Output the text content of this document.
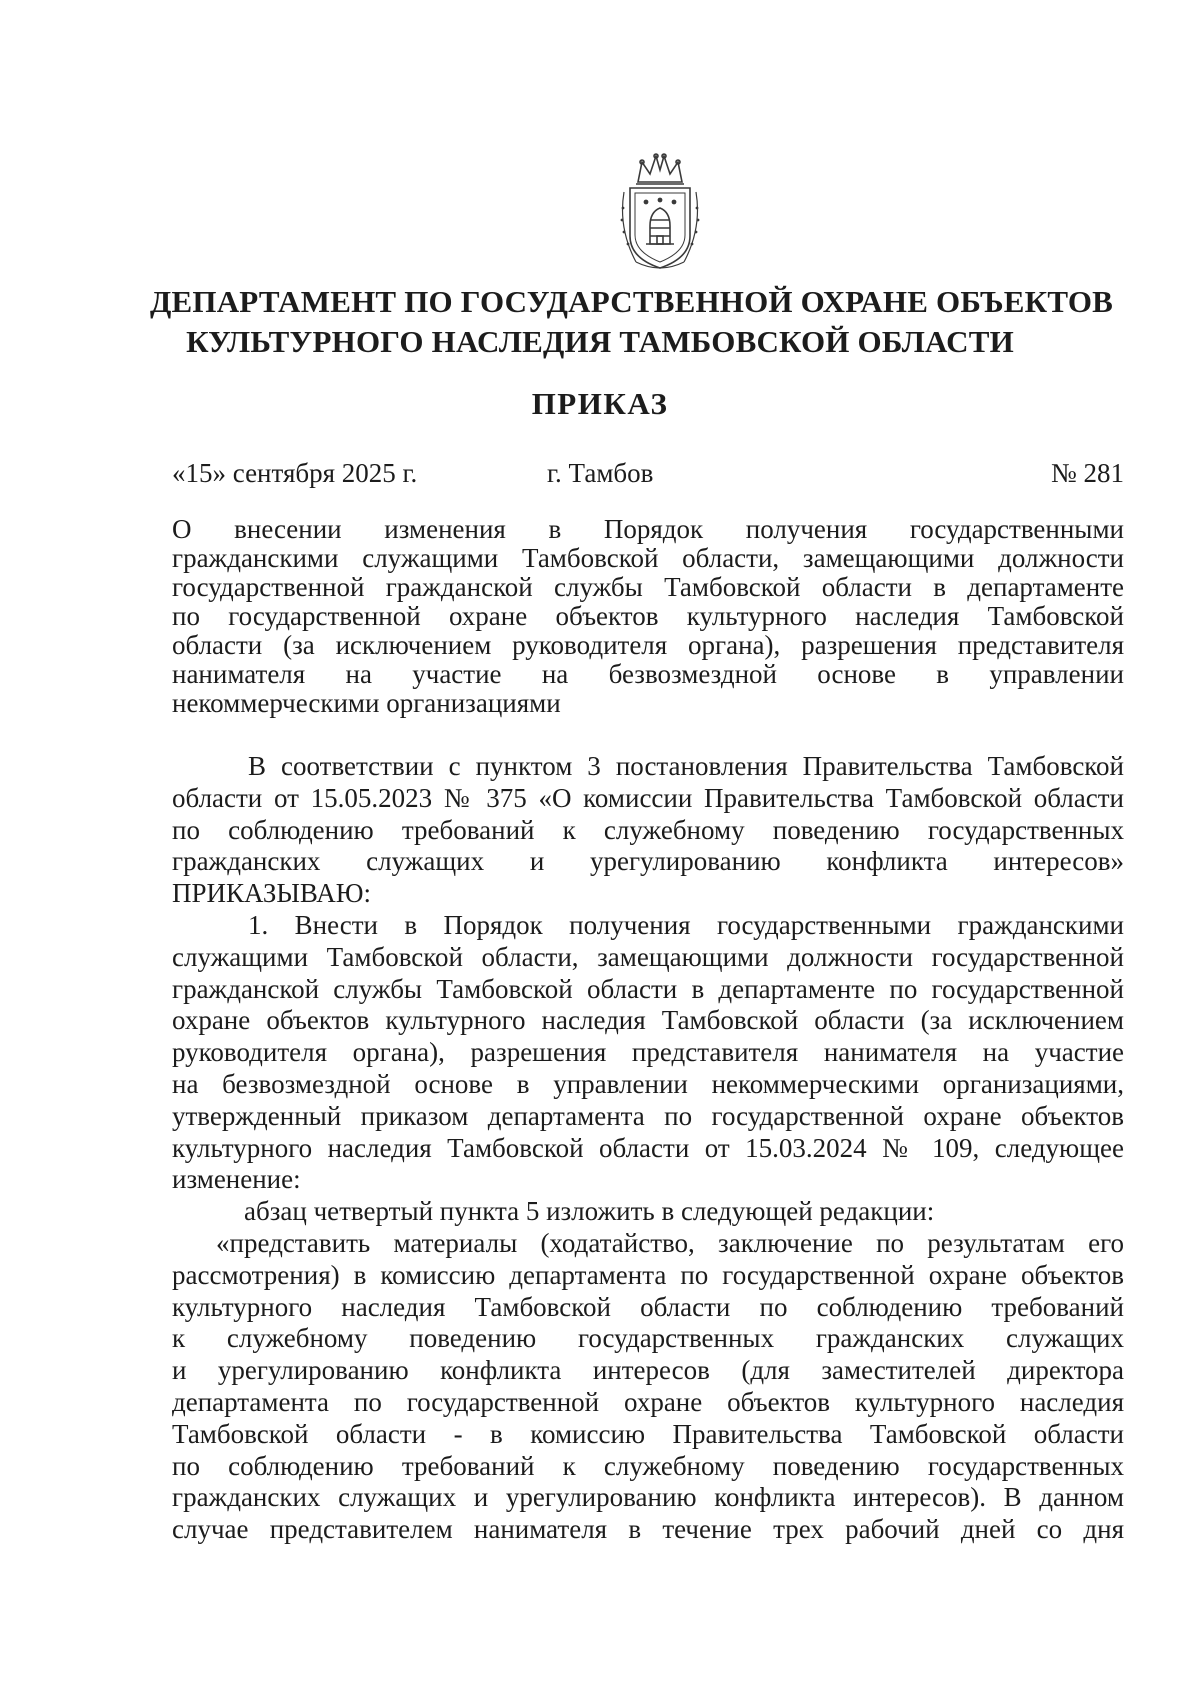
ДЕПАРТАМЕНТ ПО ГОСУДАРСТВЕННОЙ ОХРАНЕ ОБЪЕКТОВ
КУЛЬТУРНОГО НАСЛЕДИЯ ТАМБОВСКОЙ ОБЛАСТИ
ПРИКАЗ
«15» сентября 2025 г.	г. Тамбов	№ 281
О внесении изменения в Порядок получения государственными
гражданскими служащими Тамбовской области, замещающими должности
государственной гражданской службы Тамбовской области в департаменте
по государственной охране объектов культурного наследия Тамбовской
области (за исключением руководителя органа), разрешения представителя
нанимателя на участие на безвозмездной основе в управлении
некоммерческими организациями
В соответствии с пунктом 3 постановления Правительства Тамбовской
области от 15.05.2023 № 375 «О комиссии Правительства Тамбовской области
по соблюдению требований к служебному поведению государственных
гражданских служащих и урегулированию конфликта интересов»
ПРИКАЗЫВАЮ:
1. Внести в Порядок получения государственными гражданскими
служащими Тамбовской области, замещающими должности государственной
гражданской службы Тамбовской области в департаменте по государственной
охране объектов культурного наследия Тамбовской области (за исключением
руководителя органа), разрешения представителя нанимателя на участие
на безвозмездной основе в управлении некоммерческими организациями,
утвержденный приказом департамента по государственной охране объектов
культурного наследия Тамбовской области от 15.03.2024 № 109, следующее
изменение:
абзац четвертый пункта 5 изложить в следующей редакции:
«представить материалы (ходатайство, заключение по результатам его
рассмотрения) в комиссию департамента по государственной охране объектов
культурного наследия Тамбовской области по соблюдению требований
к служебному поведению государственных гражданских служащих
и урегулированию конфликта интересов (для заместителей директора
департамента по государственной охране объектов культурного наследия
Тамбовской области - в комиссию Правительства Тамбовской области
по соблюдению требований к служебному поведению государственных
гражданских служащих и урегулированию конфликта интересов). В данном
случае представителем нанимателя в течение трех рабочий дней со дня
